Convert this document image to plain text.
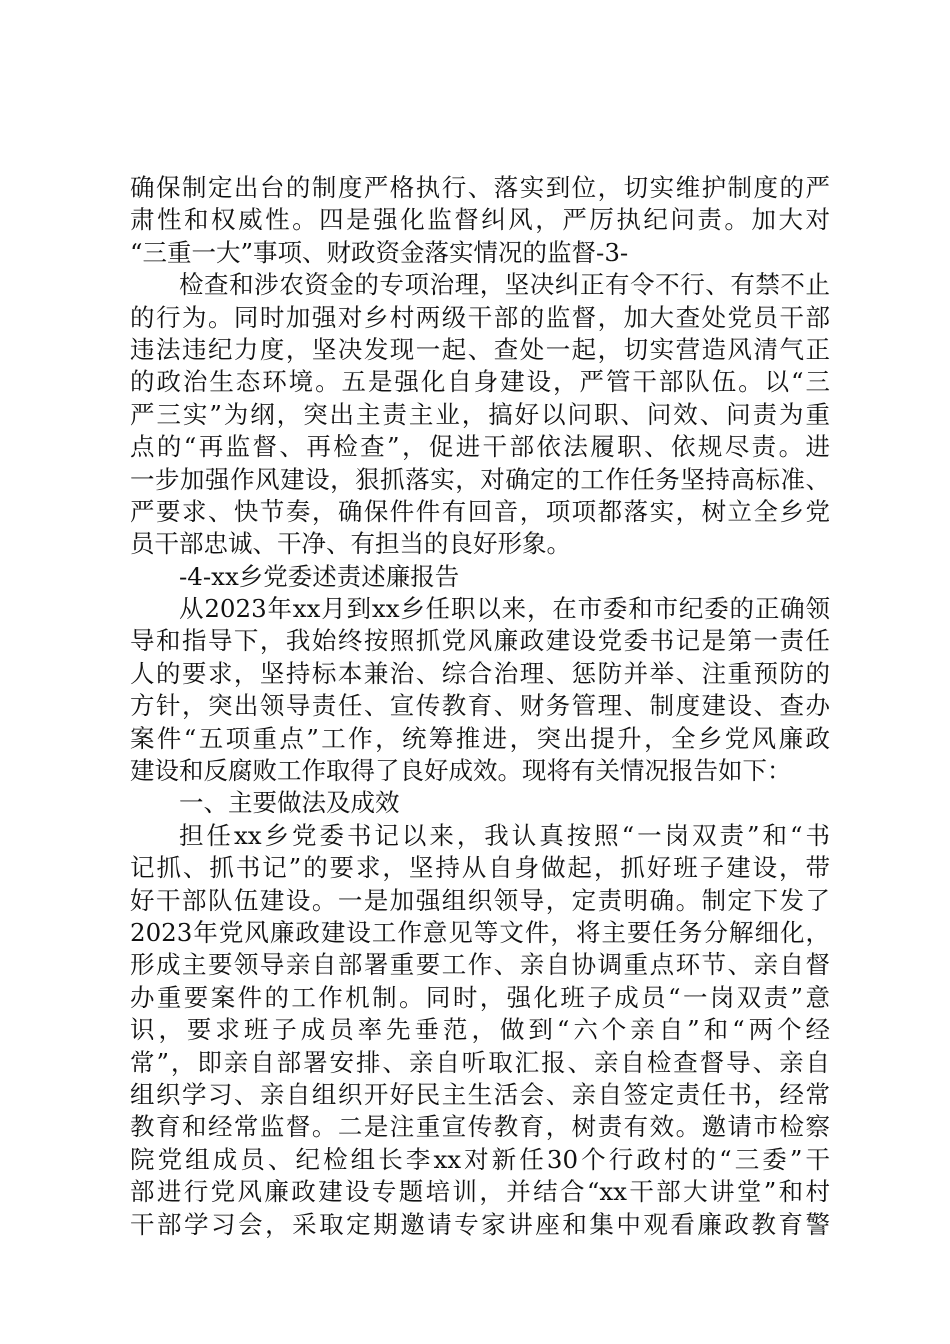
确保制定出台的制度严格执行、落实到位，切实维护制度的严
肃性和权威性。四是强化监督纠风，严厉执纪问责。加大对
“三重一大”事项、财政资金落实情况的监督-3-
检查和涉农资金的专项治理，坚决纠正有令不行、有禁不止
的行为。同时加强对乡村两级干部的监督，加大查处党员干部
违法违纪力度，坚决发现一起、查处一起，切实营造风清气正
的政治生态环境。五是强化自身建设，严管干部队伍。以“三
严三实”为纲，突出主责主业，搞好以问职、问效、问责为重
点的“再监督、再检查”，促进干部依法履职、依规尽责。进
一步加强作风建设，狠抓落实，对确定的工作任务坚持高标准、
严要求、快节奏，确保件件有回音，项项都落实，树立全乡党
员干部忠诚、干净、有担当的良好形象。
-4-xx乡党委述责述廉报告
从2023年xx月到xx乡任职以来，在市委和市纪委的正确领
导和指导下，我始终按照抓党风廉政建设党委书记是第一责任
人的要求，坚持标本兼治、综合治理、惩防并举、注重预防的
方针，突出领导责任、宣传教育、财务管理、制度建设、查办
案件“五项重点”工作，统筹推进，突出提升，全乡党风廉政
建设和反腐败工作取得了良好成效。现将有关情况报告如下：
一、主要做法及成效
担任xx乡党委书记以来，我认真按照“一岗双责”和“书
记抓、抓书记”的要求，坚持从自身做起，抓好班子建设，带
好干部队伍建设。一是加强组织领导，定责明确。制定下发了
2023年党风廉政建设工作意见等文件，将主要任务分解细化，
形成主要领导亲自部署重要工作、亲自协调重点环节、亲自督
办重要案件的工作机制。同时，强化班子成员“一岗双责”意
识，要求班子成员率先垂范，做到“六个亲自”和“两个经
常”，即亲自部署安排、亲自听取汇报、亲自检查督导、亲自
组织学习、亲自组织开好民主生活会、亲自签定责任书，经常
教育和经常监督。二是注重宣传教育，树责有效。邀请市检察
院党组成员、纪检组长李xx对新任30个行政村的“三委”干
部进行党风廉政建设专题培训，并结合“xx干部大讲堂”和村
干部学习会，采取定期邀请专家讲座和集中观看廉政教育警
